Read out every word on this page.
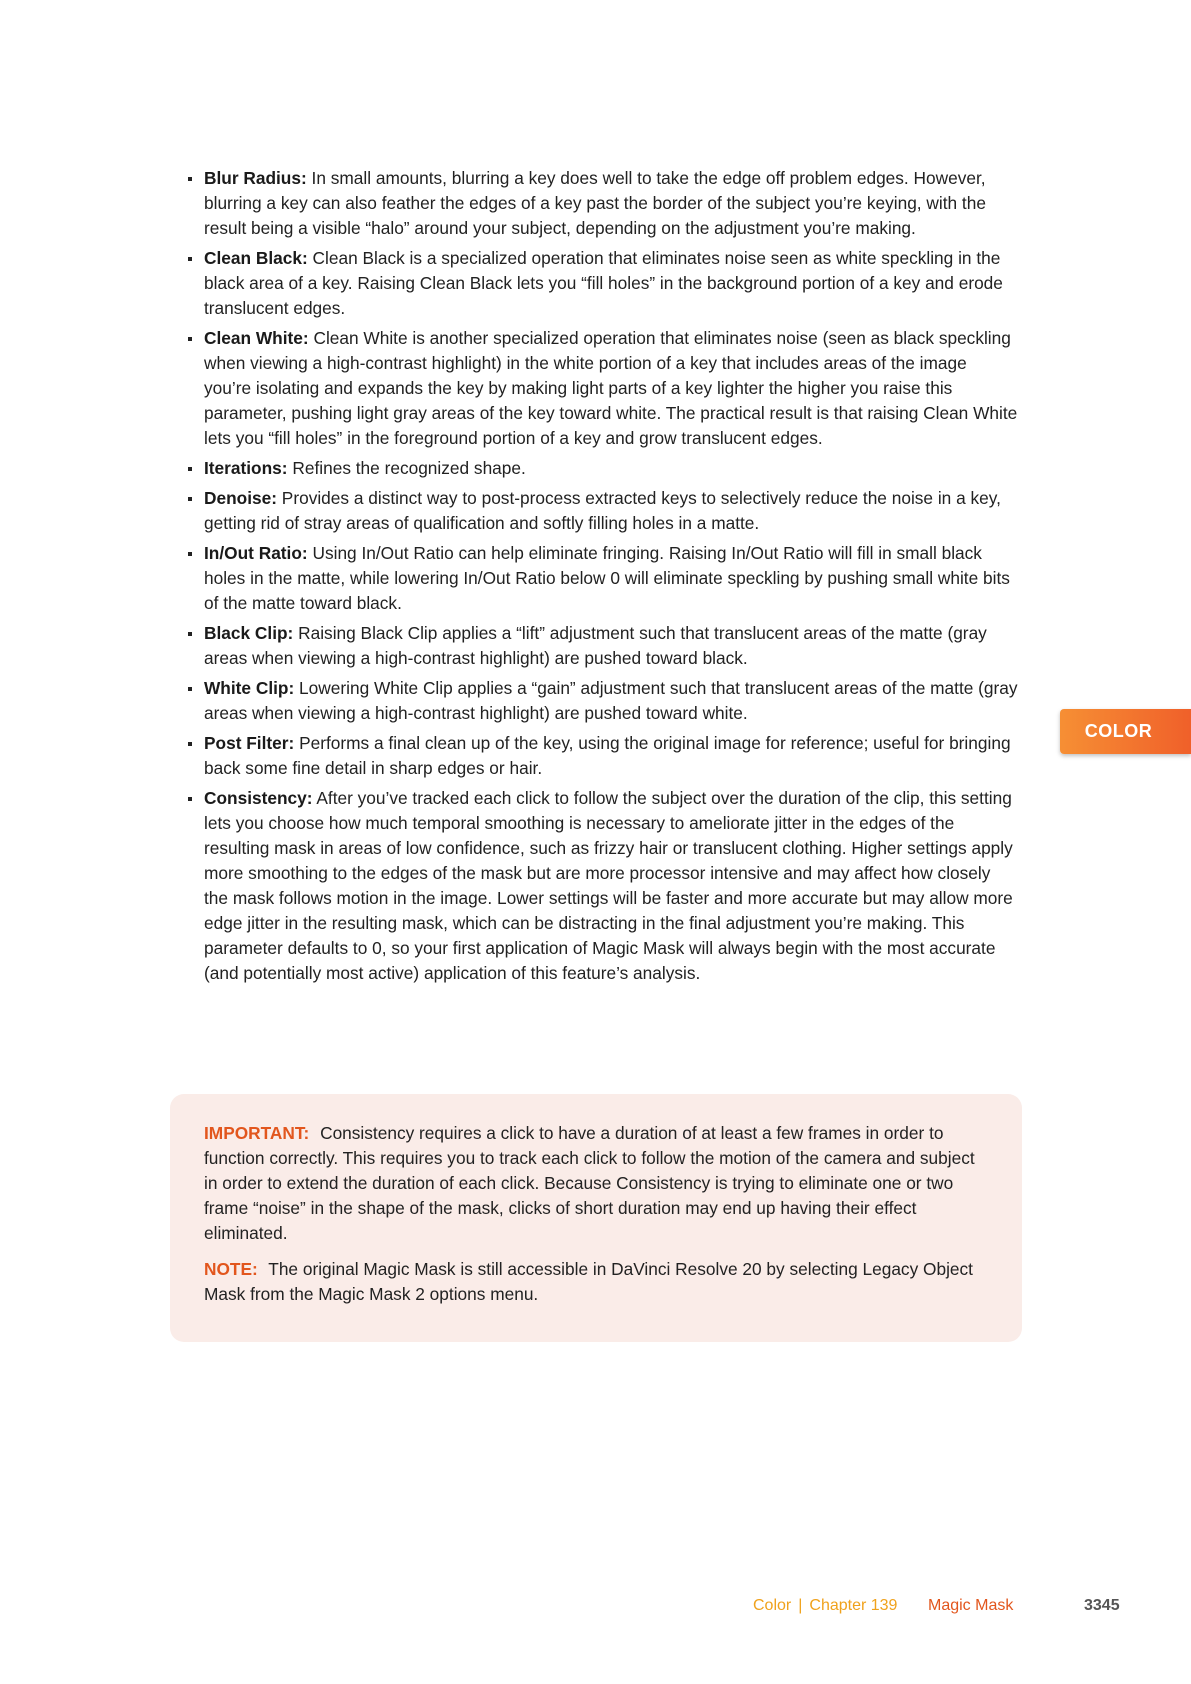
Blur Radius: In small amounts, blurring a key does well to take the edge off problem edges. However, blurring a key can also feather the edges of a key past the border of the subject you’re keying, with the result being a visible “halo” around your subject, depending on the adjustment you’re making.
Clean Black: Clean Black is a specialized operation that eliminates noise seen as white speckling in the black area of a key. Raising Clean Black lets you “fill holes” in the background portion of a key and erode translucent edges.
Clean White: Clean White is another specialized operation that eliminates noise (seen as black speckling when viewing a high-contrast highlight) in the white portion of a key that includes areas of the image you’re isolating and expands the key by making light parts of a key lighter the higher you raise this parameter, pushing light gray areas of the key toward white. The practical result is that raising Clean White lets you “fill holes” in the foreground portion of a key and grow translucent edges.
Iterations: Refines the recognized shape.
Denoise: Provides a distinct way to post-process extracted keys to selectively reduce the noise in a key, getting rid of stray areas of qualification and softly filling holes in a matte.
In/Out Ratio: Using In/Out Ratio can help eliminate fringing. Raising In/Out Ratio will fill in small black holes in the matte, while lowering In/Out Ratio below 0 will eliminate speckling by pushing small white bits of the matte toward black.
Black Clip: Raising Black Clip applies a “lift” adjustment such that translucent areas of the matte (gray areas when viewing a high-contrast highlight) are pushed toward black.
White Clip: Lowering White Clip applies a “gain” adjustment such that translucent areas of the matte (gray areas when viewing a high-contrast highlight) are pushed toward white.
Post Filter: Performs a final clean up of the key, using the original image for reference; useful for bringing back some fine detail in sharp edges or hair.
Consistency: After you’ve tracked each click to follow the subject over the duration of the clip, this setting lets you choose how much temporal smoothing is necessary to ameliorate jitter in the edges of the resulting mask in areas of low confidence, such as frizzy hair or translucent clothing. Higher settings apply more smoothing to the edges of the mask but are more processor intensive and may affect how closely the mask follows motion in the image. Lower settings will be faster and more accurate but may allow more edge jitter in the resulting mask, which can be distracting in the final adjustment you’re making. This parameter defaults to 0, so your first application of Magic Mask will always begin with the most accurate (and potentially most active) application of this feature’s analysis.

IMPORTANT: Consistency requires a click to have a duration of at least a few frames in order to function correctly. This requires you to track each click to follow the motion of the camera and subject in order to extend the duration of each click. Because Consistency is trying to eliminate one or two frame “noise” in the shape of the mask, clicks of short duration may end up having their effect eliminated.

NOTE: The original Magic Mask is still accessible in DaVinci Resolve 20 by selecting Legacy Object Mask from the Magic Mask 2 options menu.

COLOR
Color | Chapter 139 Magic Mask	3345
